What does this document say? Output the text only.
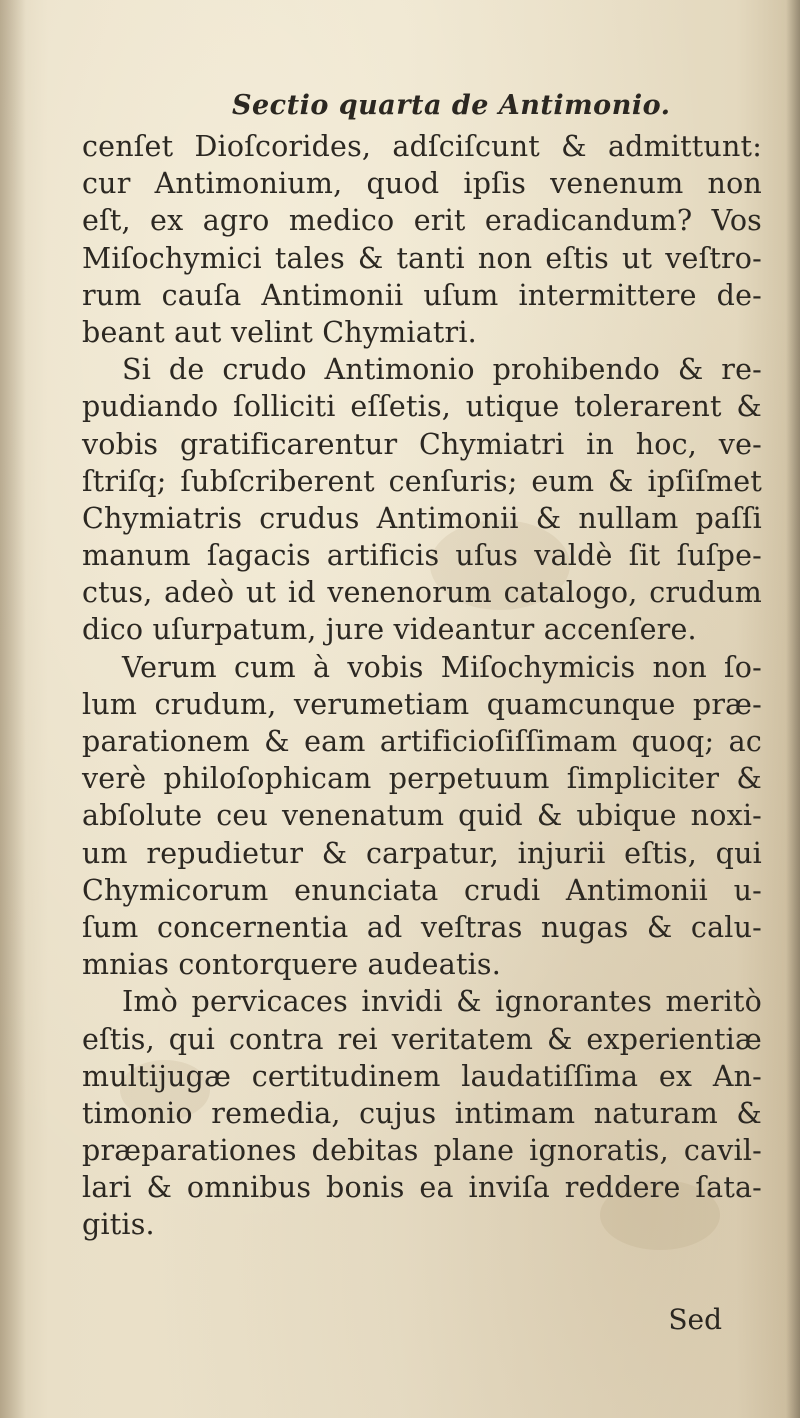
Sectio quarta de Antimonio.
cenſet Dioſcorides, adſciſcunt & admittunt:
cur Antimonium, quod ipſis venenum non
eſt, ex agro medico erit eradicandum? Vos
Miſochymici tales & tanti non eſtis ut veſtro-
rum cauſa Antimonii uſum intermittere de-
beant aut velint Chymiatri.
Si de crudo Antimonio prohibendo & re-
pudiando ſolliciti eſſetis, utique tolerarent &
vobis gratificarentur Chymiatri in hoc, ve-
ſtriſq; ſubſcriberent cenſuris; eum & ipſiſmet
Chymiatris crudus Antimonii & nullam paſſi
manum ſagacis artificis uſus valdè ſit ſuſpe-
ctus, adeò ut id venenorum catalogo, crudum
dico uſurpatum, jure videantur accenſere.
Verum cum à vobis Miſochymicis non ſo-
lum crudum, verumetiam quamcunque præ-
parationem & eam artificioſiſſimam quoq; ac
verè philoſophicam perpetuum ſimpliciter &
abſolute ceu venenatum quid & ubique noxi-
um repudietur & carpatur, injurii eſtis, qui
Chymicorum enunciata crudi Antimonii u-
ſum concernentia ad veſtras nugas & calu-
mnias contorquere audeatis.
Imò pervicaces invidi & ignorantes meritò
eſtis, qui contra rei veritatem & experientiæ
multijugæ certitudinem laudatiſſima ex An-
timonio remedia, cujus intimam naturam &
præparationes debitas plane ignoratis, cavil-
lari & omnibus bonis ea inviſa reddere ſata-
gitis.
Sed
